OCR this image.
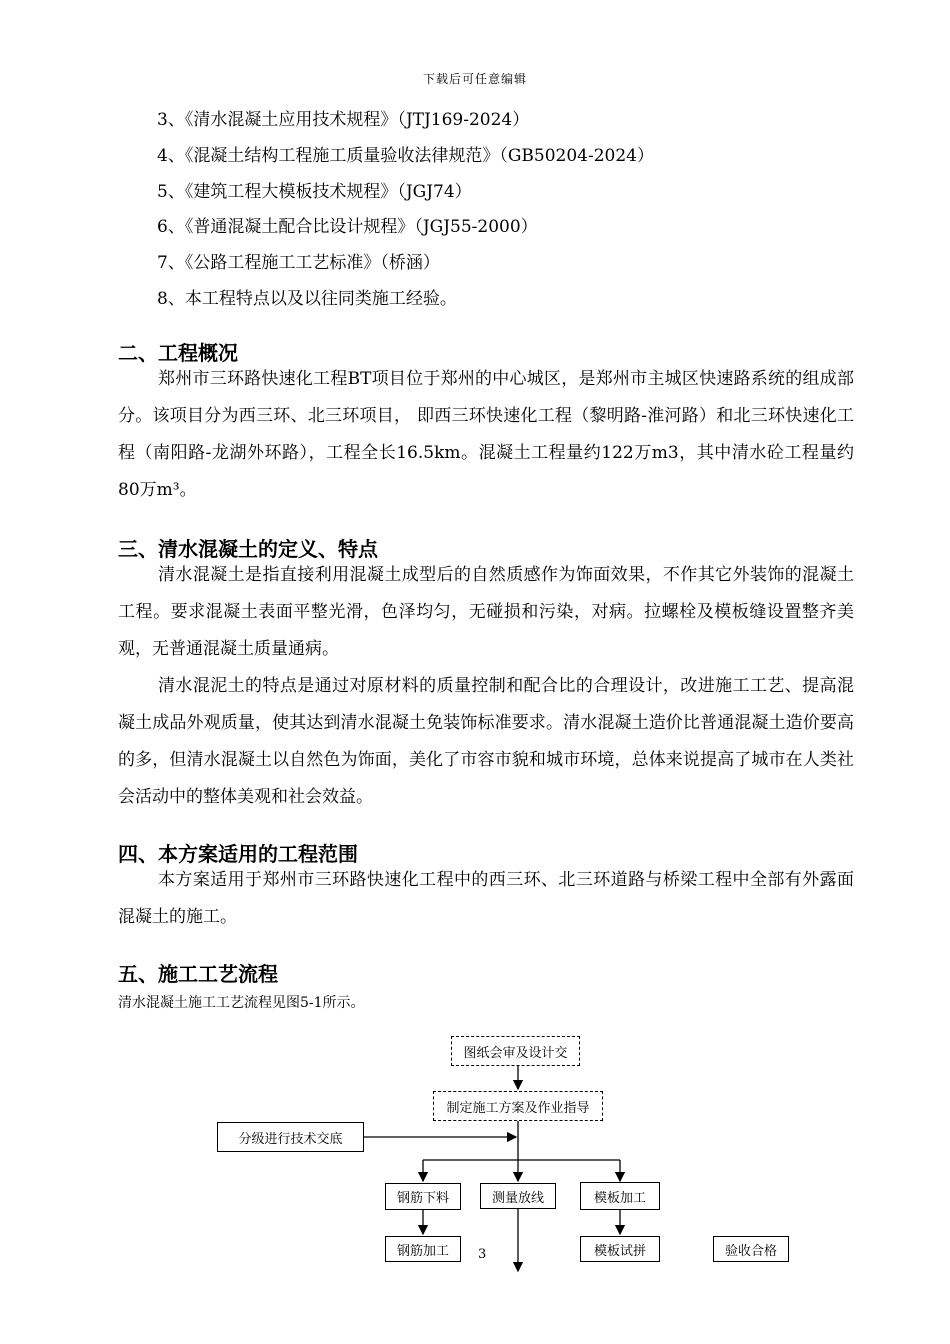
下载后可任意编辑
3、《清水混凝土应用技术规程》（JTJ169-2024）
4、《混凝土结构工程施工质量验收法律规范》（GB50204-2024）
5、《建筑工程大模板技术规程》（JGJ74）
6、《普通混凝土配合比设计规程》（JGJ55-2000）
7、《公路工程施工工艺标准》（桥涵）
8、本工程特点以及以往同类施工经验。
二、工程概况

郑州市三环路快速化工程BT项目位于郑州的中心城区，是郑州市主城区快速路系统的组成部分。该项目分为西三环、北三环项目， 即西三环快速化工程（黎明路-淮河路）和北三环快速化工程（南阳路-龙湖外环路），工程全长16.5km。混凝土工程量约122万m3，其中清水砼工程量约80万m³。

三、清水混凝土的定义、特点

清水混凝土是指直接利用混凝土成型后的自然质感作为饰面效果，不作其它外装饰的混凝土工程。要求混凝土表面平整光滑，色泽均匀，无碰损和污染，对病。拉螺栓及模板缝设置整齐美观，无普通混凝土质量通病。

清水混泥土的特点是通过对原材料的质量控制和配合比的合理设计，改进施工工艺、提高混凝土成品外观质量，使其达到清水混凝土免装饰标准要求。清水混凝土造价比普通混凝土造价要高的多，但清水混凝土以自然色为饰面，美化了市容市貌和城市环境，总体来说提高了城市在人类社会活动中的整体美观和社会效益。

四、本方案适用的工程范围

本方案适用于郑州市三环路快速化工程中的西三环、北三环道路与桥梁工程中全部有外露面混凝土的施工。

五、施工工艺流程
清水混凝土施工工艺流程见图5-1所示。
图纸会审及设计交
制定施工方案及作业指导
分级进行技术交底
钢筋下料	测量放线	模板加工
钢筋加工	模板试拼	验收合格
3
